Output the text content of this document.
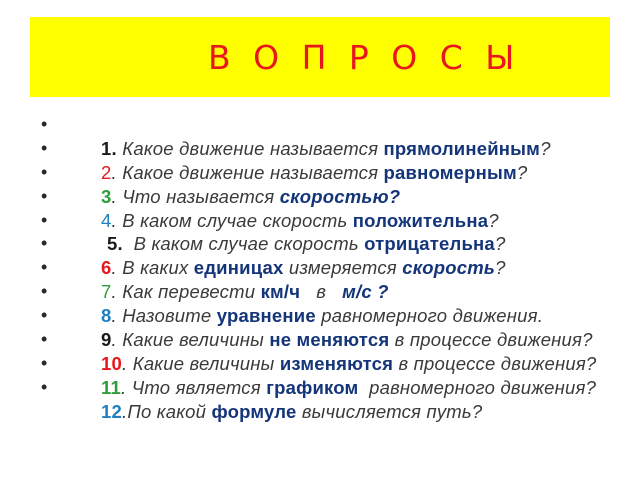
В О П Р О С Ы
•

1. Какое движение называется прямолинейным?

•

2. Какое движение называется равномерным?

•

3. Что называется скоростью?

•

4. В каком случае скорость положительна?

•

5.  В каком случае скорость отрицательна?

•

6. В каких единицах измеряется скорость?

•

7. Как перевести км/ч   в   м/с ?

•

8. Назовите уравнение равномерного движения.

•

9. Какие величины не меняются в процессе движения?

•

10. Какие величины изменяются в процессе движения?

•

11. Что является графиком  равномерного движения?

•

12.По какой формуле вычисляется путь?
